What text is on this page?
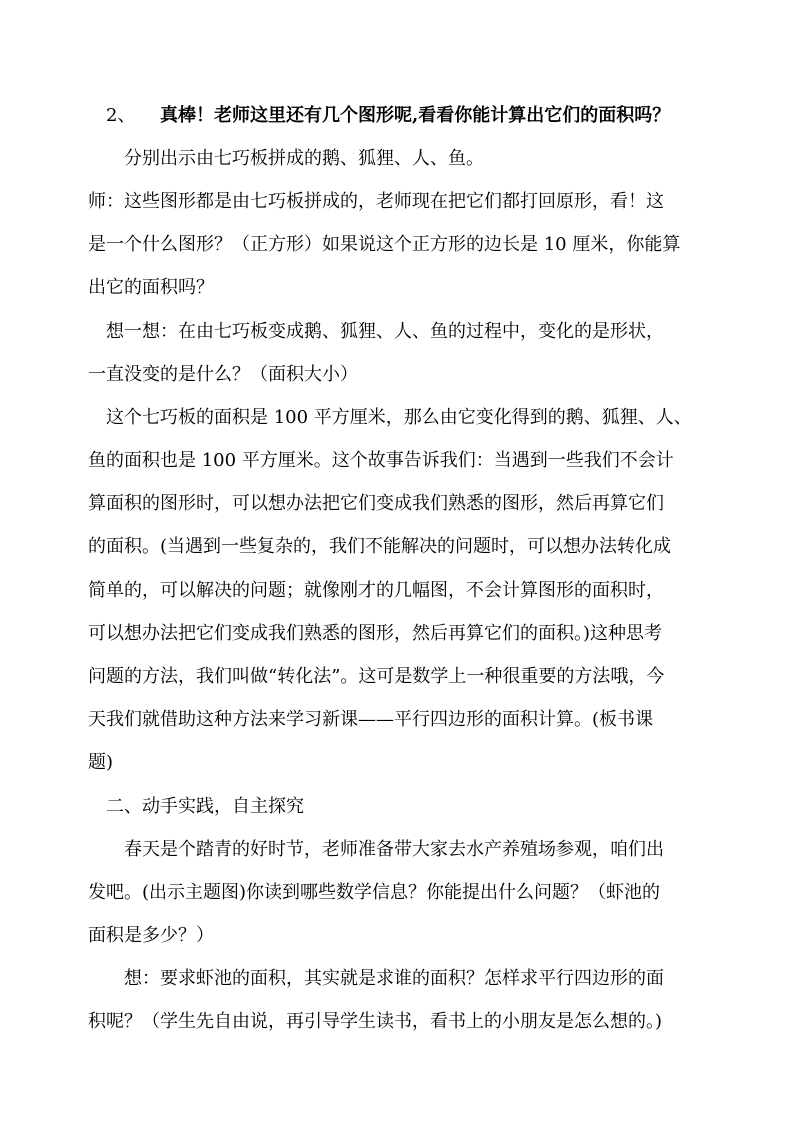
2、 真棒！老师这里还有几个图形呢,看看你能计算出它们的面积吗？
分别出示由七巧板拼成的鹅、狐狸、人、鱼。
师：这些图形都是由七巧板拼成的，老师现在把它们都打回原形，看！这
是一个什么图形？（正方形）如果说这个正方形的边长是 10 厘米，你能算
出它的面积吗？
想一想：在由七巧板变成鹅、狐狸、人、鱼的过程中，变化的是形状，
一直没变的是什么？（面积大小）
这个七巧板的面积是 100 平方厘米，那么由它变化得到的鹅、狐狸、人、
鱼的面积也是 100 平方厘米。这个故事告诉我们：当遇到一些我们不会计
算面积的图形时，可以想办法把它们变成我们熟悉的图形，然后再算它们
的面积。(当遇到一些复杂的，我们不能解决的问题时，可以想办法转化成
简单的，可以解决的问题；就像刚才的几幅图，不会计算图形的面积时，
可以想办法把它们变成我们熟悉的图形，然后再算它们的面积。)这种思考
问题的方法，我们叫做“转化法”。这可是数学上一种很重要的方法哦，今
天我们就借助这种方法来学习新课——平行四边形的面积计算。(板书课
题)
二、动手实践，自主探究
春天是个踏青的好时节，老师准备带大家去水产养殖场参观，咱们出
发吧。(出示主题图)你读到哪些数学信息？你能提出什么问题？（虾池的
面积是多少？）
想：要求虾池的面积，其实就是求谁的面积？怎样求平行四边形的面
积呢？（学生先自由说，再引导学生读书，看书上的小朋友是怎么想的。)
